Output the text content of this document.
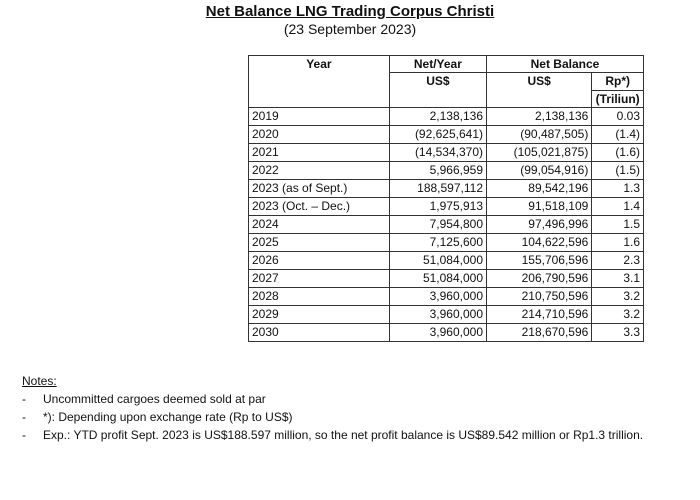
Net Balance LNG Trading Corpus Christi
(23 September 2023)
Year	Net/Year	Net Balance	
	US$	US$	Rp*)
			(Triliun)
2019	2,138,136	2,138,136	0.03
2020	(92,625,641)	(90,487,505)	(1.4)
2021	(14,534,370)	(105,021,875)	(1.6)
2022	5,966,959	(99,054,916)	(1.5)
2023 (as of Sept.)	188,597,112	89,542,196	1.3
2023 (Oct. – Dec.)	1,975,913	91,518,109	1.4
2024	7,954,800	97,496,996	1.5
2025	7,125,600	104,622,596	1.6
2026	51,084,000	155,706,596	2.3
2027	51,084,000	206,790,596	3.1
2028	3,960,000	210,750,596	3.2
2029	3,960,000	214,710,596	3.2
2030	3,960,000	218,670,596	3.3
Notes:
- Uncommitted cargoes deemed sold at par
- *): Depending upon exchange rate (Rp to US$)
- Exp.: YTD profit Sept. 2023 is US$188.597 million, so the net profit balance is US$89.542 million or Rp1.3 trillion.
